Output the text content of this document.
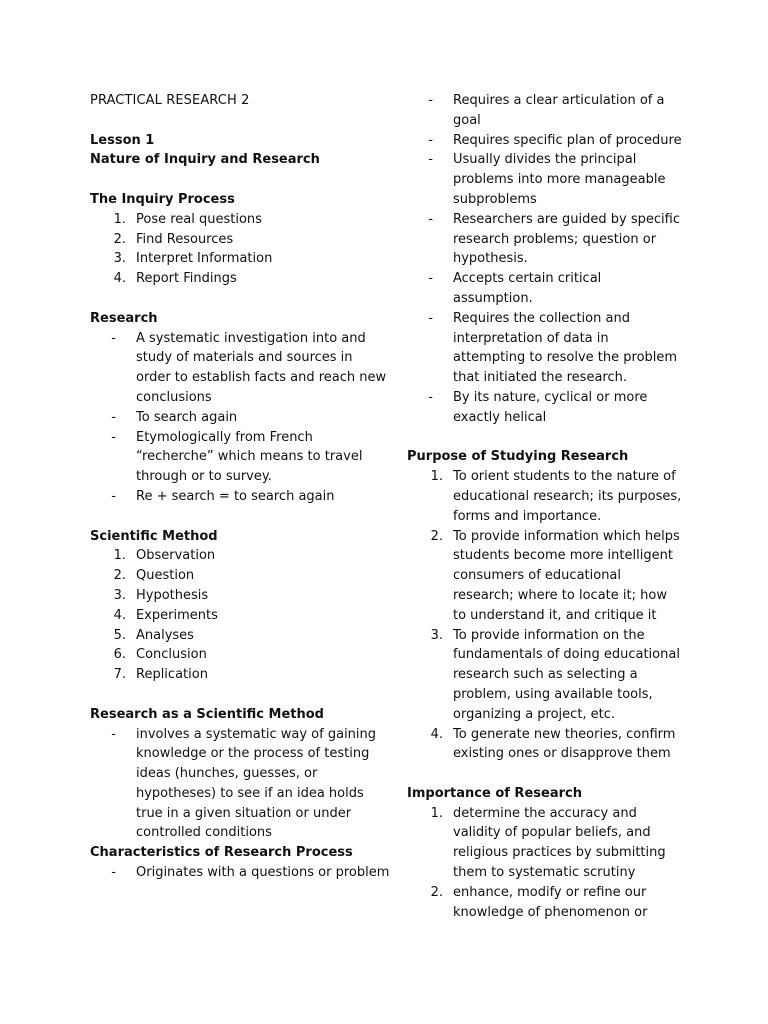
PRACTICAL RESEARCH 2
Lesson 1
Nature of Inquiry and Research
The Inquiry Process
1. Pose real questions
2. Find Resources
3. Interpret Information
4. Report Findings
Research
- A systematic investigation into and study of materials and sources in order to establish facts and reach new conclusions
- To search again
- Etymologically from French “recherche” which means to travel through or to survey.
- Re + search = to search again
Scientific Method
1. Observation
2. Question
3. Hypothesis
4. Experiments
5. Analyses
6. Conclusion
7. Replication
Research as a Scientific Method
- involves a systematic way of gaining knowledge or the process of testing ideas (hunches, guesses, or hypotheses) to see if an idea holds true in a given situation or under controlled conditions
Characteristics of Research Process
- Originates with a questions or problem
- Requires a clear articulation of a goal
- Requires specific plan of procedure
- Usually divides the principal problems into more manageable subproblems
- Researchers are guided by specific research problems; question or hypothesis.
- Accepts certain critical assumption.
- Requires the collection and interpretation of data in attempting to resolve the problem that initiated the research.
- By its nature, cyclical or more exactly helical
Purpose of Studying Research
1. To orient students to the nature of educational research; its purposes, forms and importance.
2. To provide information which helps students become more intelligent consumers of educational research; where to locate it; how to understand it, and critique it
3. To provide information on the fundamentals of doing educational research such as selecting a problem, using available tools, organizing a project, etc.
4. To generate new theories, confirm existing ones or disapprove them
Importance of Research
1. determine the accuracy and validity of popular beliefs, and religious practices by submitting them to systematic scrutiny
2. enhance, modify or refine our knowledge of phenomenon or
